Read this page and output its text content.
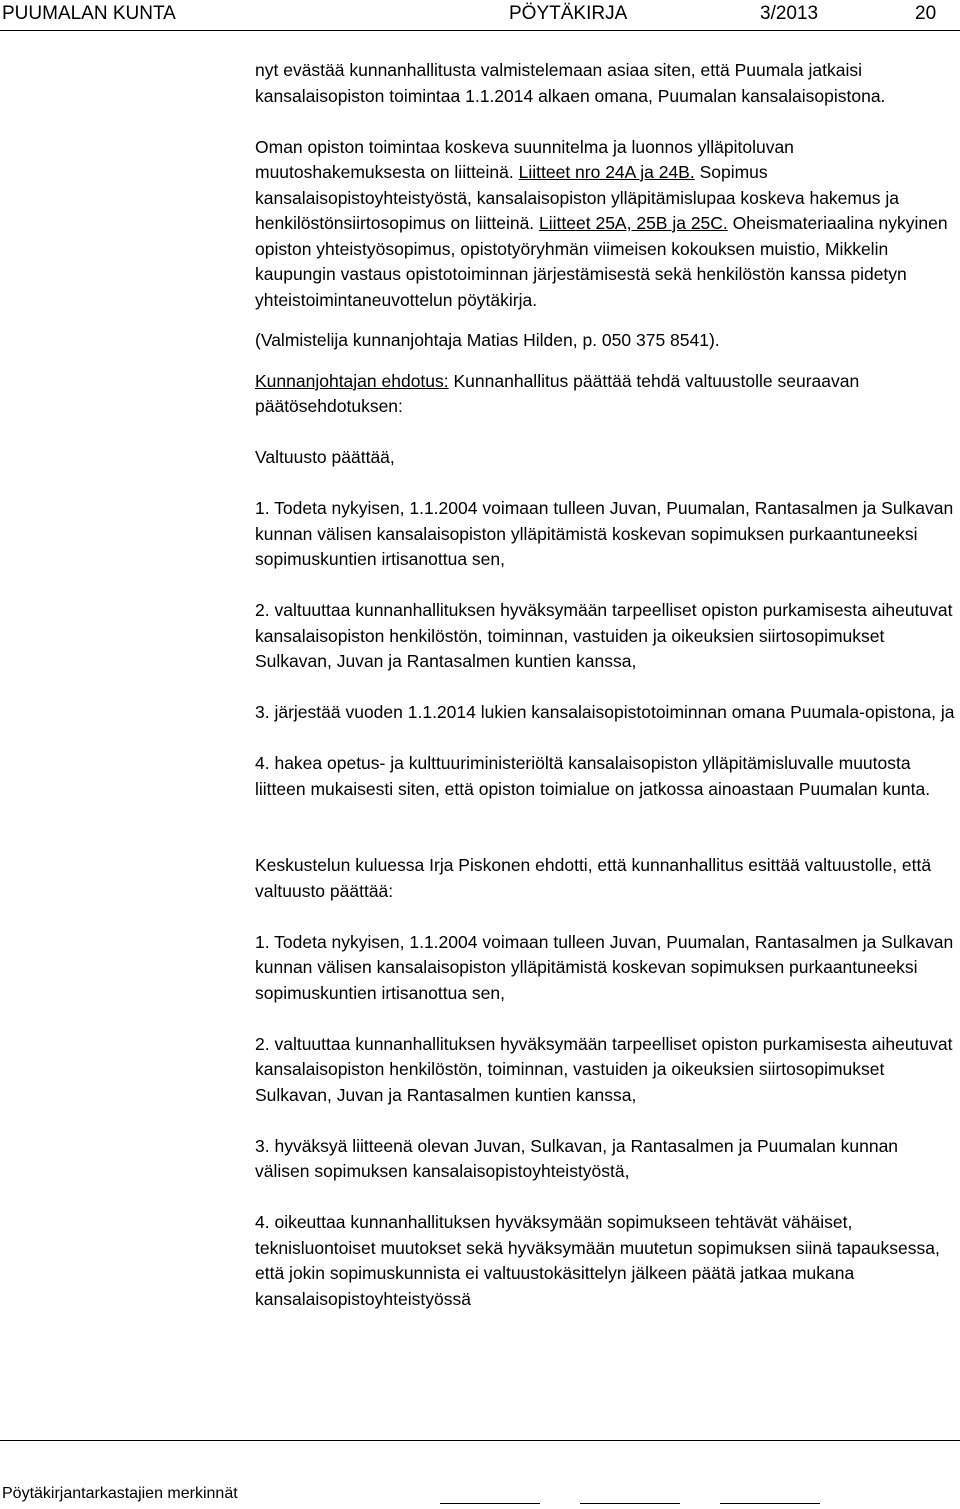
PUUMALAN KUNTA	PÖYTÄKIRJA	3/2013	20

nyt evästää kunnanhallitusta valmistelemaan asiaa siten, että Puumala jatkaisi kansalaisopiston toimintaa 1.1.2014 alkaen omana, Puumalan kansalaisopistona.

Oman opiston toimintaa koskeva suunnitelma ja luonnos ylläpitoluvan muutoshakemuksesta on liitteinä. Liitteet nro 24A ja 24B. Sopimus kansalaisopistoyhteistyöstä, kansalaisopiston ylläpitämislupaa koskeva hakemus ja henkilöstönsiirtosopimus on liitteinä. Liitteet 25A, 25B ja 25C. Oheismateriaalina nykyinen opiston yhteistyösopimus, opistotyöryhmän viimeisen kokouksen muistio, Mikkelin kaupungin vastaus opistotoiminnan järjestämisestä sekä henkilöstön kanssa pidetyn yhteistoimintaneuvottelun pöytäkirja.

(Valmistelija kunnanjohtaja Matias Hilden, p. 050 375 8541).

Kunnanjohtajan ehdotus: Kunnanhallitus päättää tehdä valtuustolle seuraavan päätösehdotuksen:

Valtuusto päättää,

1. Todeta nykyisen, 1.1.2004 voimaan tulleen Juvan, Puumalan, Rantasalmen ja Sulkavan kunnan välisen kansalaisopiston ylläpitämistä koskevan sopimuksen purkaantuneeksi sopimuskuntien irtisanottua sen,

2. valtuuttaa kunnanhallituksen hyväksymään tarpeelliset opiston purkamisesta aiheutuvat kansalaisopiston henkilöstön, toiminnan, vastuiden ja oikeuksien siirtosopimukset Sulkavan, Juvan ja Rantasalmen kuntien kanssa,

3. järjestää vuoden 1.1.2014 lukien kansalaisopistotoiminnan omana Puumala-opistona, ja

4. hakea opetus- ja kulttuuriministeriöltä kansalaisopiston ylläpitämisluvalle muutosta liitteen mukaisesti siten, että opiston toimialue on jatkossa ainoastaan Puumalan kunta.

Keskustelun kuluessa Irja Piskonen ehdotti, että kunnanhallitus esittää valtuustolle, että valtuusto päättää:

1. Todeta nykyisen, 1.1.2004 voimaan tulleen Juvan, Puumalan, Rantasalmen ja Sulkavan kunnan välisen kansalaisopiston ylläpitämistä koskevan sopimuksen purkaantuneeksi sopimuskuntien irtisanottua sen,

2. valtuuttaa kunnanhallituksen hyväksymään tarpeelliset opiston purkamisesta aiheutuvat kansalaisopiston henkilöstön, toiminnan, vastuiden ja oikeuksien siirtosopimukset Sulkavan, Juvan ja Rantasalmen kuntien kanssa,

3. hyväksyä liitteenä olevan Juvan, Sulkavan, ja Rantasalmen ja Puumalan kunnan välisen sopimuksen kansalaisopistoyhteistyöstä,

4. oikeuttaa kunnanhallituksen hyväksymään sopimukseen tehtävät vähäiset, teknisluontoiset muutokset sekä hyväksymään muutetun sopimuksen siinä tapauksessa, että jokin sopimuskunnista ei valtuustokäsittelyn jälkeen päätä jatkaa mukana kansalaisopistoyhteistyössä

Pöytäkirjantarkastajien merkinnät
